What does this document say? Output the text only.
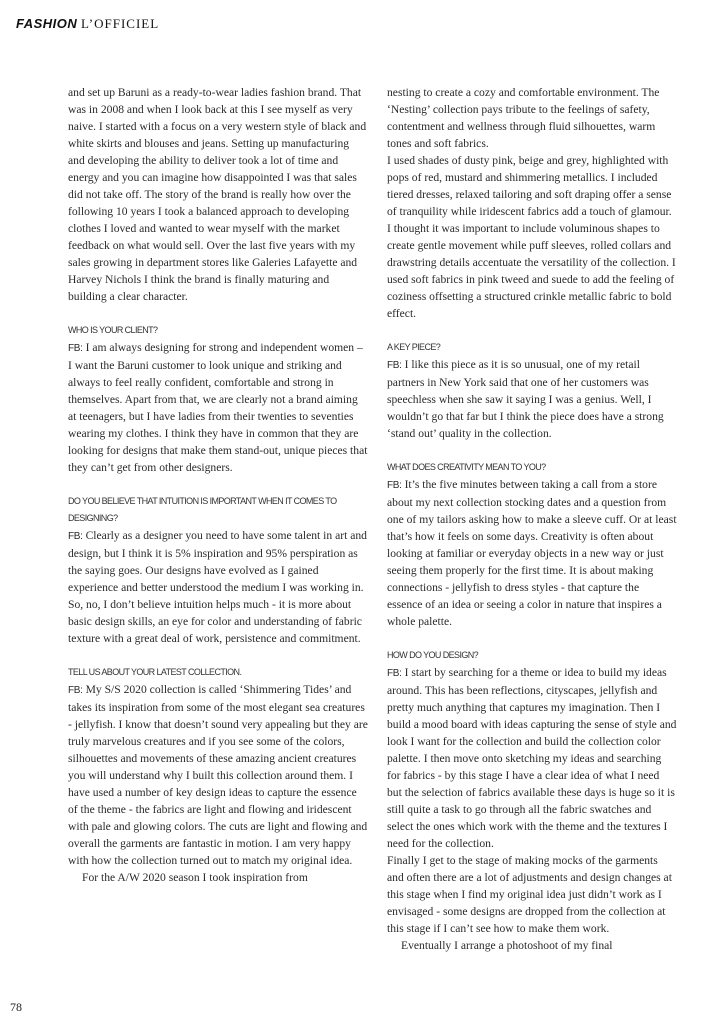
FASHION L’OFFICIEL

and set up Baruni as a ready-to-wear ladies fashion brand. That was in 2008 and when I look back at this I see myself as very naive. I started with a focus on a very western style of black and white skirts and blouses and jeans. Setting up manufacturing and developing the ability to deliver took a lot of time and energy and you can imagine how disappointed I was that sales did not take off. The story of the brand is really how over the following 10 years I took a balanced approach to developing clothes I loved and wanted to wear myself with the market feedback on what would sell. Over the last five years with my sales growing in department stores like Galeries Lafayette and Harvey Nichols I think the brand is finally maturing and building a clear character.

WHO IS YOUR CLIENT?

FB: I am always designing for strong and independent women – I want the Baruni customer to look unique and striking and always to feel really confident, comfortable and strong in themselves. Apart from that, we are clearly not a brand aiming at teenagers, but I have ladies from their twenties to seventies wearing my clothes. I think they have in common that they are looking for designs that make them stand-out, unique pieces that they can’t get from other designers.

DO YOU BELIEVE THAT INTUITION IS IMPORTANT WHEN IT COMES TO DESIGNING?

FB: Clearly as a designer you need to have some talent in art and design, but I think it is 5% inspiration and 95% perspiration as the saying goes. Our designs have evolved as I gained experience and better understood the medium I was working in. So, no, I don’t believe intuition helps much - it is more about basic design skills, an eye for color and understanding of fabric texture with a great deal of work, persistence and commitment.

TELL US ABOUT YOUR LATEST COLLECTION.

FB: My S/S 2020 collection is called ‘Shimmering Tides’ and takes its inspiration from some of the most elegant sea creatures - jellyfish. I know that doesn’t sound very appealing but they are truly marvelous creatures and if you see some of the colors, silhouettes and movements of these amazing ancient creatures you will understand why I built this collection around them. I have used a number of key design ideas to capture the essence of the theme - the fabrics are light and flowing and iridescent with pale and glowing colors. The cuts are light and flowing and overall the garments are fantastic in motion. I am very happy with how the collection turned out to match my original idea.

For the A/W 2020 season I took inspiration from

nesting to create a cozy and comfortable environment. The ‘Nesting’ collection pays tribute to the feelings of safety, contentment and wellness through fluid silhouettes, warm tones and soft fabrics.

I used shades of dusty pink, beige and grey, highlighted with pops of red, mustard and shimmering metallics. I included tiered dresses, relaxed tailoring and soft draping offer a sense of tranquility while iridescent fabrics add a touch of glamour. I thought it was important to include voluminous shapes to create gentle movement while puff sleeves, rolled collars and drawstring details accentuate the versatility of the collection. I used soft fabrics in pink tweed and suede to add the feeling of coziness offsetting a structured crinkle metallic fabric to bold effect.

A KEY PIECE?

FB: I like this piece as it is so unusual, one of my retail partners in New York said that one of her customers was speechless when she saw it saying I was a genius. Well, I wouldn’t go that far but I think the piece does have a strong ‘stand out’ quality in the collection.

WHAT DOES CREATIVITY MEAN TO YOU?

FB: It’s the five minutes between taking a call from a store about my next collection stocking dates and a question from one of my tailors asking how to make a sleeve cuff. Or at least that’s how it feels on some days. Creativity is often about looking at familiar or everyday objects in a new way or just seeing them properly for the first time. It is about making connections - jellyfish to dress styles - that capture the essence of an idea or seeing a color in nature that inspires a whole palette.

HOW DO YOU DESIGN?

FB: I start by searching for a theme or idea to build my ideas around. This has been reflections, cityscapes, jellyfish and pretty much anything that captures my imagination. Then I build a mood board with ideas capturing the sense of style and look I want for the collection and build the collection color palette. I then move onto sketching my ideas and searching for fabrics - by this stage I have a clear idea of what I need but the selection of fabrics available these days is huge so it is still quite a task to go through all the fabric swatches and select the ones which work with the theme and the textures I need for the collection.

Finally I get to the stage of making mocks of the garments and often there are a lot of adjustments and design changes at this stage when I find my original idea just didn’t work as I envisaged - some designs are dropped from the collection at this stage if I can’t see how to make them work.

Eventually I arrange a photoshoot of my final

78
